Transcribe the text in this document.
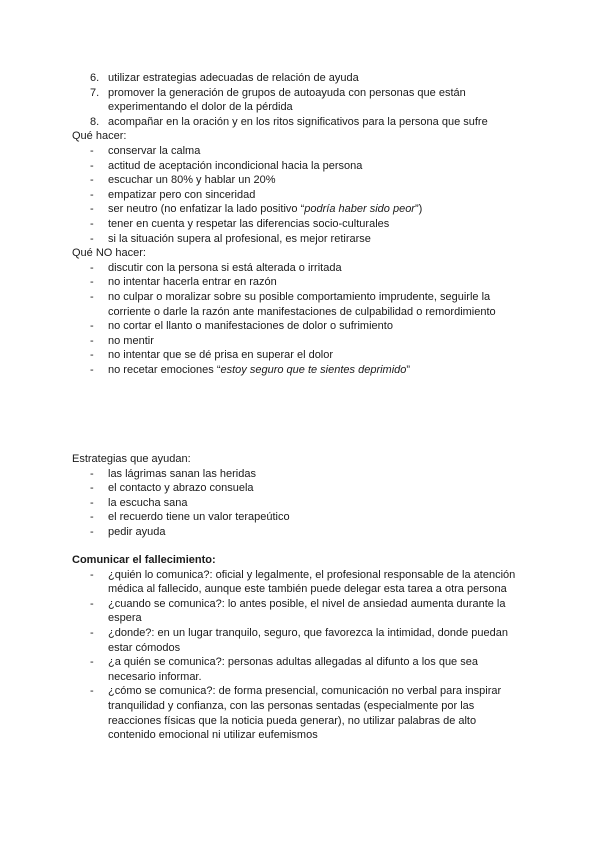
6. utilizar estrategias adecuadas de relación de ayuda
7. promover la generación de grupos de autoayuda con personas que están
experimentando el dolor de la pérdida
8. acompañar en la oración y en los ritos significativos para la persona que sufre
Qué hacer:
-	conservar la calma
-	actitud de aceptación incondicional hacia la persona
-	escuchar un 80% y hablar un 20%
-	empatizar pero con sinceridad
-	ser neutro (no enfatizar la lado positivo “podría haber sido peor”)
-	tener en cuenta y respetar las diferencias socio-culturales
-	si la situación supera al profesional, es mejor retirarse
Qué NO hacer:
-	discutir con la persona si está alterada o irritada
-	no intentar hacerla entrar en razón
-	no culpar o moralizar sobre su posible comportamiento imprudente, seguirle la
corriente o darle la razón ante manifestaciones de culpabilidad o remordimiento
-	no cortar el llanto o manifestaciones de dolor o sufrimiento
-	no mentir
-	no intentar que se dé prisa en superar el dolor
-	no recetar emociones “estoy seguro que te sientes deprimido”
Estrategias que ayudan:
-	las lágrimas sanan las heridas
-	el contacto y abrazo consuela
-	la escucha sana
-	el recuerdo tiene un valor terapeútico
-	pedir ayuda
Comunicar el fallecimiento:
-	¿quién lo comunica?: oficial y legalmente, el profesional responsable de la atención
médica al fallecido, aunque este también puede delegar esta tarea a otra persona
-	¿cuando se comunica?: lo antes posible, el nivel de ansiedad aumenta durante la
espera
-	¿donde?: en un lugar tranquilo, seguro, que favorezca la intimidad, donde puedan
estar cómodos
-	¿a quién se comunica?: personas adultas allegadas al difunto a los que sea
necesario informar.
-	¿cómo se comunica?: de forma presencial, comunicación no verbal para inspirar
tranquilidad y confianza, con las personas sentadas (especialmente por las
reacciones físicas que la noticia pueda generar), no utilizar palabras de alto
contenido emocional ni utilizar eufemismos
